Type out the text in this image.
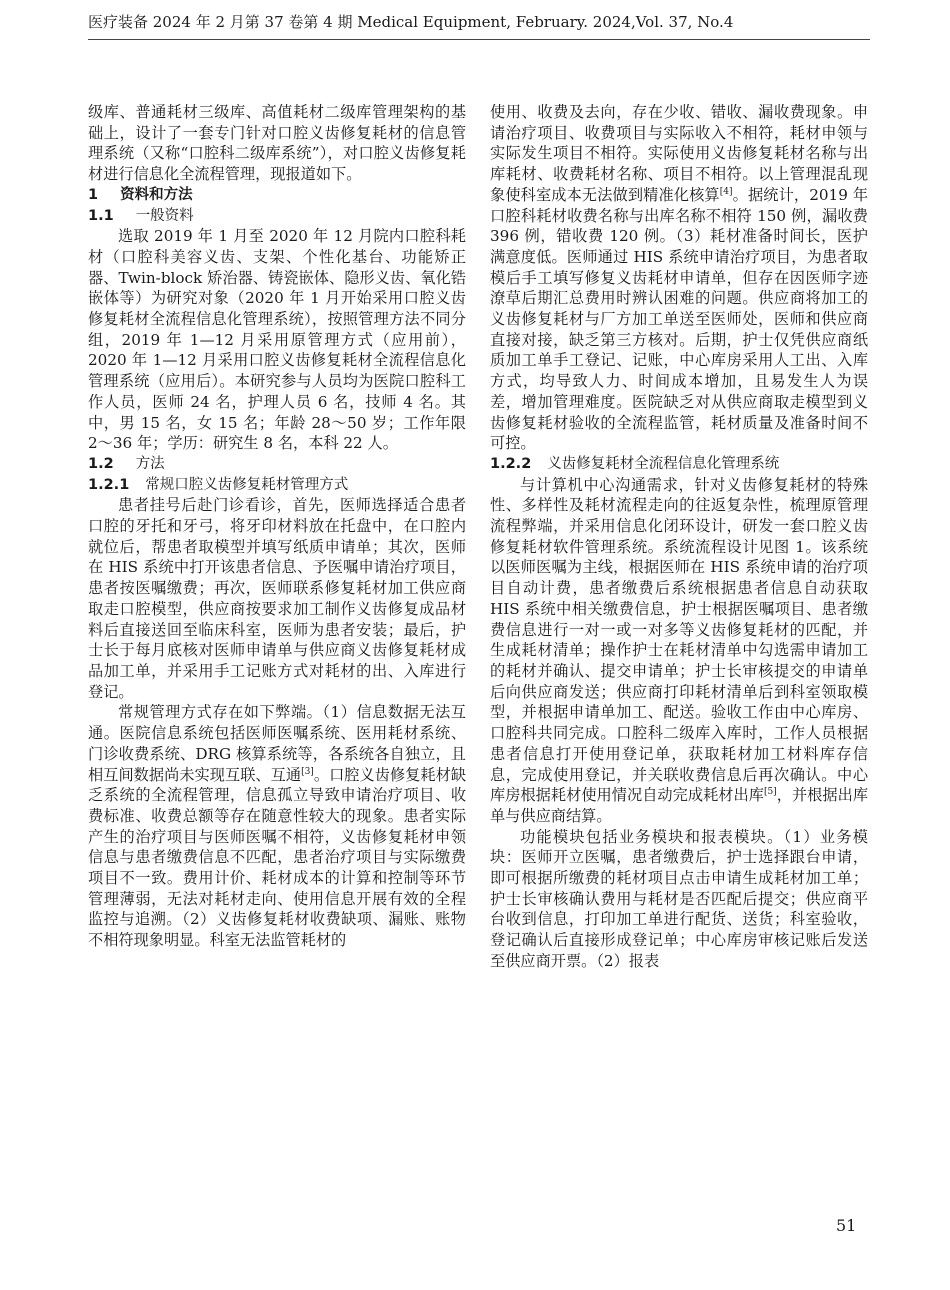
医疗装备 2024 年 2 月第 37 卷第 4 期 Medical Equipment, February. 2024,Vol. 37, No.4

级库、普通耗材三级库、高值耗材二级库管理架构的基础上，设计了一套专门针对口腔义齿修复耗材的信息管理系统（又称“口腔科二级库系统”），对口腔义齿修复耗材进行信息化全流程管理，现报道如下。

1 资料和方法

1.1 一般资料

选取 2019 年 1 月至 2020 年 12 月院内口腔科耗材（口腔科美容义齿、支架、个性化基台、功能矫正器、Twin-block 矫治器、铸瓷嵌体、隐形义齿、氧化锆嵌体等）为研究对象（2020 年 1 月开始采用口腔义齿修复耗材全流程信息化管理系统），按照管理方法不同分组，2019 年 1—12 月采用原管理方式（应用前），2020 年 1—12 月采用口腔义齿修复耗材全流程信息化管理系统（应用后）。本研究参与人员均为医院口腔科工作人员，医师 24 名，护理人员 6 名，技师 4 名。其中，男 15 名，女 15 名；年龄 28～50 岁；工作年限 2～36 年；学历：研究生 8 名，本科 22 人。

1.2 方法

1.2.1 常规口腔义齿修复耗材管理方式

患者挂号后赴门诊看诊，首先，医师选择适合患者口腔的牙托和牙弓，将牙印材料放在托盘中，在口腔内就位后，帮患者取模型并填写纸质申请单；其次，医师在 HIS 系统中打开该患者信息、予医嘱申请治疗项目，患者按医嘱缴费；再次，医师联系修复耗材加工供应商取走口腔模型，供应商按要求加工制作义齿修复成品材料后直接送回至临床科室，医师为患者安装；最后，护士长于每月底核对医师申请单与供应商义齿修复耗材成品加工单，并采用手工记账方式对耗材的出、入库进行登记。

常规管理方式存在如下弊端。（1）信息数据无法互通。医院信息系统包括医师医嘱系统、医用耗材系统、门诊收费系统、DRG 核算系统等，各系统各自独立，且相互间数据尚未实现互联、互通[3]。口腔义齿修复耗材缺乏系统的全流程管理，信息孤立导致申请治疗项目、收费标准、收费总额等存在随意性较大的现象。患者实际产生的治疗项目与医师医嘱不相符，义齿修复耗材申领信息与患者缴费信息不匹配，患者治疗项目与实际缴费项目不一致。费用计价、耗材成本的计算和控制等环节管理薄弱，无法对耗材走向、使用信息开展有效的全程监控与追溯。（2）义齿修复耗材收费缺项、漏账、账物不相符现象明显。科室无法监管耗材的

使用、收费及去向，存在少收、错收、漏收费现象。申请治疗项目、收费项目与实际收入不相符，耗材申领与实际发生项目不相符。实际使用义齿修复耗材名称与出库耗材、收费耗材名称、项目不相符。以上管理混乱现象使科室成本无法做到精准化核算[4]。据统计，2019 年口腔科耗材收费名称与出库名称不相符 150 例，漏收费 396 例，错收费 120 例。（3）耗材准备时间长，医护满意度低。医师通过 HIS 系统申请治疗项目，为患者取模后手工填写修复义齿耗材申请单，但存在因医师字迹潦草后期汇总费用时辨认困难的问题。供应商将加工的义齿修复耗材与厂方加工单送至医师处，医师和供应商直接对接，缺乏第三方核对。后期，护士仅凭供应商纸质加工单手工登记、记账，中心库房采用人工出、入库方式，均导致人力、时间成本增加，且易发生人为误差，增加管理难度。医院缺乏对从供应商取走模型到义齿修复耗材验收的全流程监管，耗材质量及准备时间不可控。

1.2.2 义齿修复耗材全流程信息化管理系统

与计算机中心沟通需求，针对义齿修复耗材的特殊性、多样性及耗材流程走向的往返复杂性，梳理原管理流程弊端，并采用信息化闭环设计，研发一套口腔义齿修复耗材软件管理系统。系统流程设计见图 1。该系统以医师医嘱为主线，根据医师在 HIS 系统申请的治疗项目自动计费，患者缴费后系统根据患者信息自动获取 HIS 系统中相关缴费信息，护士根据医嘱项目、患者缴费信息进行一对一或一对多等义齿修复耗材的匹配，并生成耗材清单；操作护士在耗材清单中勾选需申请加工的耗材并确认、提交申请单；护士长审核提交的申请单后向供应商发送；供应商打印耗材清单后到科室领取模型，并根据申请单加工、配送。验收工作由中心库房、口腔科共同完成。口腔科二级库入库时，工作人员根据患者信息打开使用登记单，获取耗材加工材料库存信息，完成使用登记，并关联收费信息后再次确认。中心库房根据耗材使用情况自动完成耗材出库[5]，并根据出库单与供应商结算。

功能模块包括业务模块和报表模块。（1）业务模块：医师开立医嘱，患者缴费后，护士选择跟台申请，即可根据所缴费的耗材项目点击申请生成耗材加工单；护士长审核确认费用与耗材是否匹配后提交；供应商平台收到信息，打印加工单进行配货、送货；科室验收，登记确认后直接形成登记单；中心库房审核记账后发送至供应商开票。（2）报表

51
